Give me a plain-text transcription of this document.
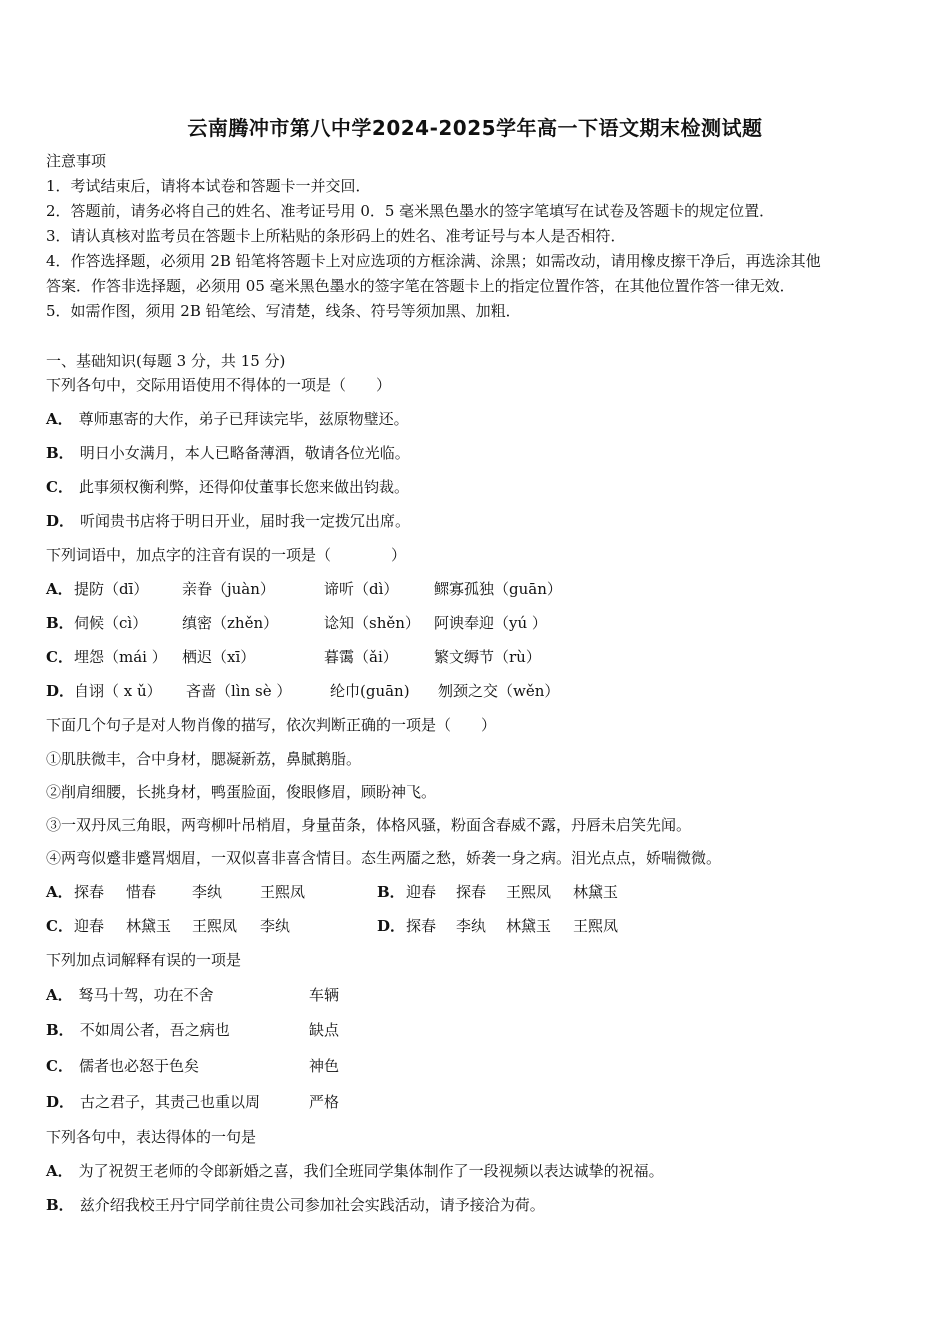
云南腾冲市第八中学2024-2025学年高一下语文期末检测试题
注意事项
1．考试结束后，请将本试卷和答题卡一并交回．
2．答题前，请务必将自己的姓名、准考证号用 0．5 毫米黑色墨水的签字笔填写在试卷及答题卡的规定位置．
3．请认真核对监考员在答题卡上所粘贴的条形码上的姓名、准考证号与本人是否相符．
4．作答选择题，必须用 2B 铅笔将答题卡上对应选项的方框涂满、涂黑；如需改动，请用橡皮擦干净后，再选涂其他
答案．作答非选择题，必须用 05 毫米黑色墨水的签字笔在答题卡上的指定位置作答，在其他位置作答一律无效．
5．如需作图，须用 2B 铅笔绘、写清楚，线条、符号等须加黑、加粗．
一、基础知识(每题 3 分，共 15 分)
下列各句中，交际用语使用不得体的一项是（　　）
A． 尊师惠寄的大作，弟子已拜读完毕，兹原物璧还。
B． 明日小女满月，本人已略备薄酒，敬请各位光临。
C． 此事须权衡利弊，还得仰仗董事长您来做出钧裁。
D． 听闻贵书店将于明日开业，届时我一定拨冗出席。
下列词语中，加点字的注音有误的一项是（　　　　）
A． 提防（dī） 亲眷（juàn）	谛听（dì） 鳏寡孤独（guān）
B． 伺候（cì） 缜密（zhěn）	谂知（shěn） 阿谀奉迎（yú ）
C． 埋怨（mái ） 栖迟（xī）	暮霭（ǎi） 繁文缛节（rù）
D． 自诩（ x ǔ） 吝啬（lìn sè ）	纶巾(guān) 刎颈之交（wěn）
下面几个句子是对人物肖像的描写，依次判断正确的一项是（　　）
①肌肤微丰，合中身材，腮凝新荔，鼻腻鹅脂。
②削肩细腰，长挑身材，鸭蛋脸面，俊眼修眉，顾盼神飞。
③一双丹凤三角眼，两弯柳叶吊梢眉，身量苗条，体格风骚，粉面含春威不露，丹唇未启笑先闻。
④两弯似蹙非蹙罥烟眉，一双似喜非喜含情目。态生两靥之愁，娇袭一身之病。泪光点点，娇喘微微。
A． 探春 惜春 李纨	王熙凤	B． 迎春 探春 王熙凤 林黛玉
C． 迎春 林黛玉 王熙凤 李纨	D． 探春 李纨 林黛玉 王熙凤
下列加点词解释有误的一项是
A． 驽马十驾，功在不舍	车辆
B． 不如周公者，吾之病也	缺点
C． 儒者也必怒于色矣	神色
D． 古之君子，其责己也重以周	严格
下列各句中，表达得体的一句是
A． 为了祝贺王老师的令郎新婚之喜，我们全班同学集体制作了一段视频以表达诚挚的祝福。
B． 兹介绍我校王丹宁同学前往贵公司参加社会实践活动，请予接洽为荷。
